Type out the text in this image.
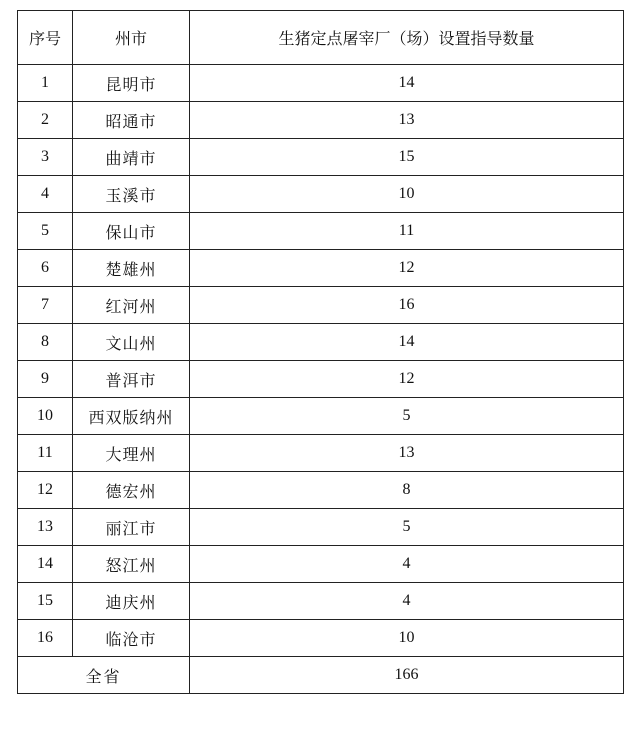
序号	州市	生猪定点屠宰厂（场）设置指导数量
1	昆明市	14
2	昭通市	13
3	曲靖市	15
4	玉溪市	10
5	保山市	11
6	楚雄州	12
7	红河州	16
8	文山州	14
9	普洱市	12
10	西双版纳州	5
11	大理州	13
12	德宏州	8
13	丽江市	5
14	怒江州	4
15	迪庆州	4
16	临沧市	10
全省		166
